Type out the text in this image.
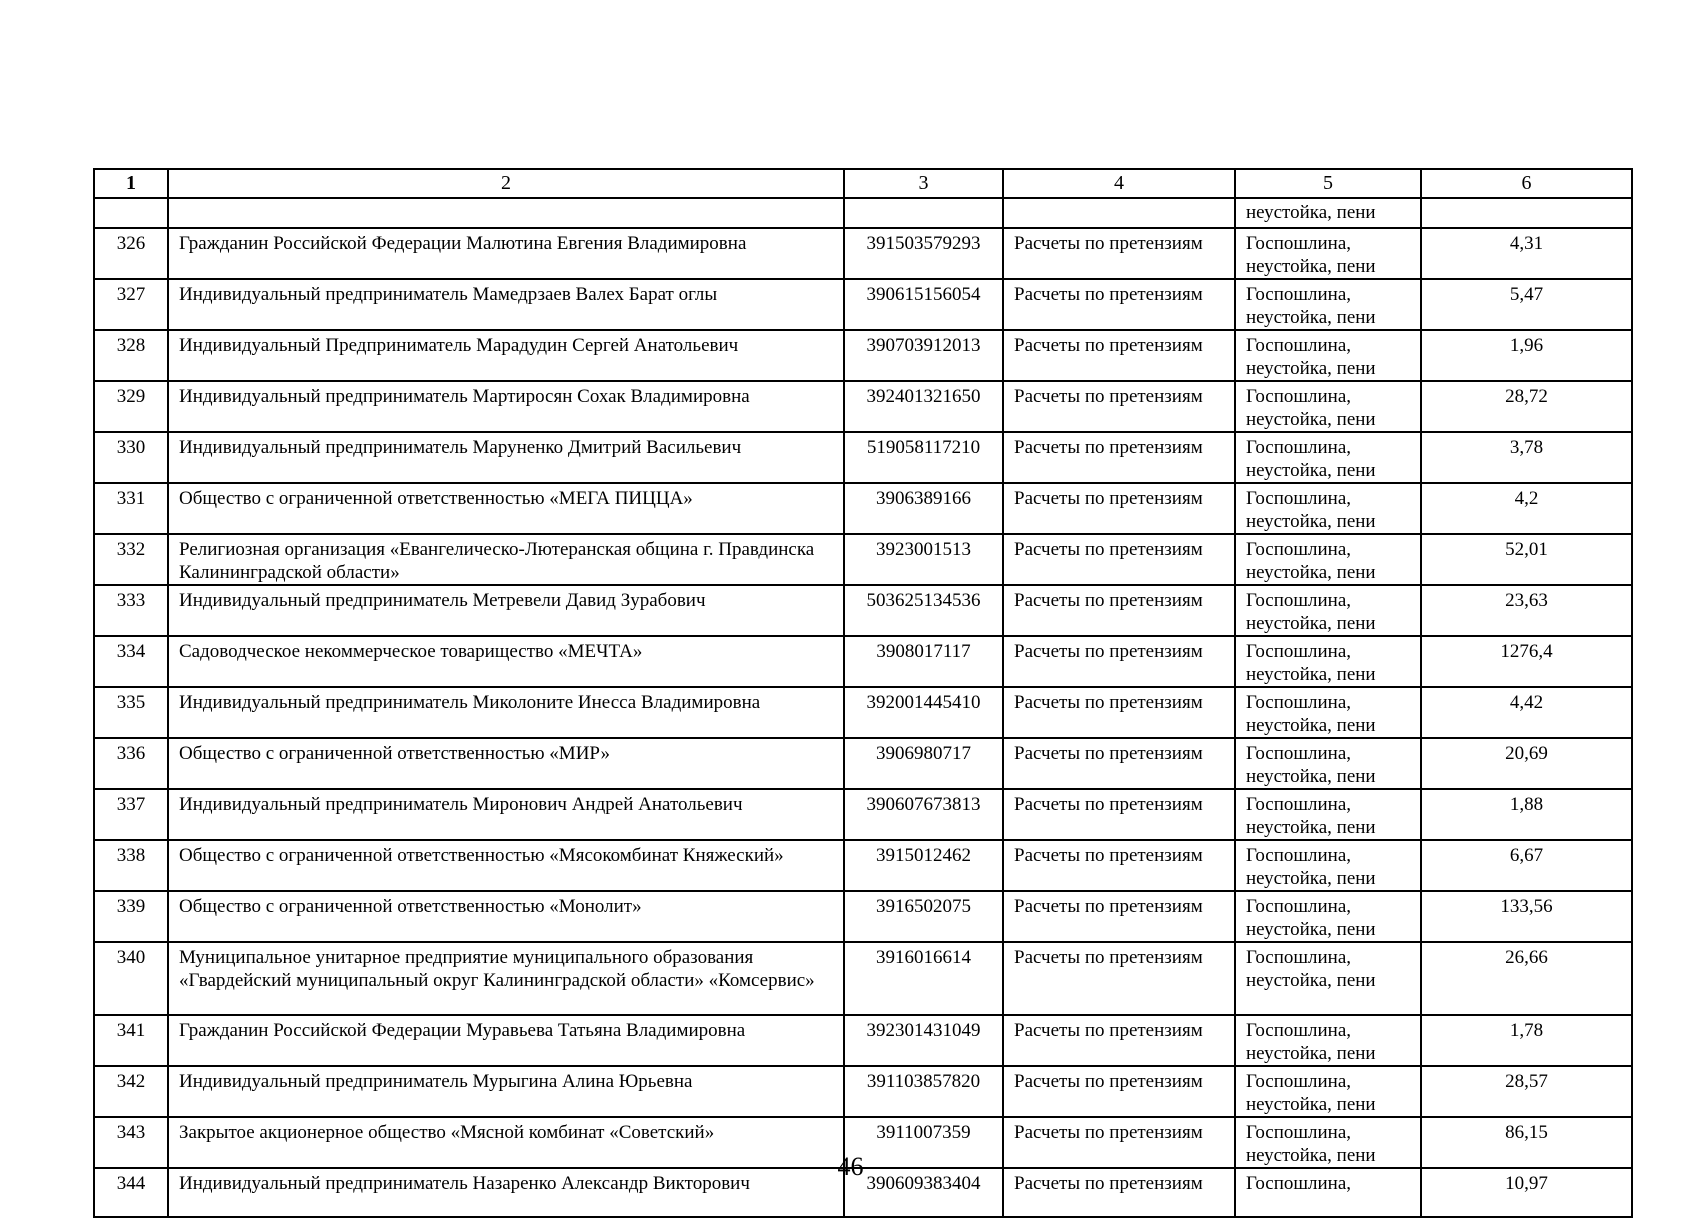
1	2	3	4	5	6
				неустойка, пени	
326	Гражданин Российской Федерации Малютина Евгения Владимировна	391503579293	Расчеты по претензиям	Госпошлина, неустойка, пени	4,31
327	Индивидуальный предприниматель Мамедрзаев Валех Барат оглы	390615156054	Расчеты по претензиям	Госпошлина, неустойка, пени	5,47
328	Индивидуальный Предприниматель Марадудин Сергей Анатольевич	390703912013	Расчеты по претензиям	Госпошлина, неустойка, пени	1,96
329	Индивидуальный предприниматель Мартиросян Сохак Владимировна	392401321650	Расчеты по претензиям	Госпошлина, неустойка, пени	28,72
330	Индивидуальный предприниматель Маруненко Дмитрий Васильевич	519058117210	Расчеты по претензиям	Госпошлина, неустойка, пени	3,78
331	Общество с ограниченной ответственностью «МЕГА ПИЦЦА»	3906389166	Расчеты по претензиям	Госпошлина, неустойка, пени	4,2
332	Религиозная организация «Евангелическо-Лютеранская община г. Правдинска Калининградской области»	3923001513	Расчеты по претензиям	Госпошлина, неустойка, пени	52,01
333	Индивидуальный предприниматель Метревели Давид Зурабович	503625134536	Расчеты по претензиям	Госпошлина, неустойка, пени	23,63
334	Садоводческое некоммерческое товарищество «МЕЧТА»	3908017117	Расчеты по претензиям	Госпошлина, неустойка, пени	1276,4
335	Индивидуальный предприниматель Миколоните Инесса Владимировна	392001445410	Расчеты по претензиям	Госпошлина, неустойка, пени	4,42
336	Общество с ограниченной ответственностью «МИР»	3906980717	Расчеты по претензиям	Госпошлина, неустойка, пени	20,69
337	Индивидуальный предприниматель Миронович Андрей Анатольевич	390607673813	Расчеты по претензиям	Госпошлина, неустойка, пени	1,88
338	Общество с ограниченной ответственностью «Мясокомбинат Княжеский»	3915012462	Расчеты по претензиям	Госпошлина, неустойка, пени	6,67
339	Общество с ограниченной ответственностью «Монолит»	3916502075	Расчеты по претензиям	Госпошлина, неустойка, пени	133,56
340	Муниципальное унитарное предприятие муниципального образования «Гвардейский муниципальный округ Калининградской области» «Комсервис»	3916016614	Расчеты по претензиям	Госпошлина, неустойка, пени	26,66
341	Гражданин Российской Федерации Муравьева Татьяна Владимировна	392301431049	Расчеты по претензиям	Госпошлина, неустойка, пени	1,78
342	Индивидуальный предприниматель Мурыгина Алина Юрьевна	391103857820	Расчеты по претензиям	Госпошлина, неустойка, пени	28,57
343	Закрытое акционерное общество «Мясной комбинат «Советский»	3911007359	Расчеты по претензиям	Госпошлина, неустойка, пени	86,15
344	Индивидуальный предприниматель Назаренко Александр Викторович	390609383404	Расчеты по претензиям	Госпошлина,	10,97
46
